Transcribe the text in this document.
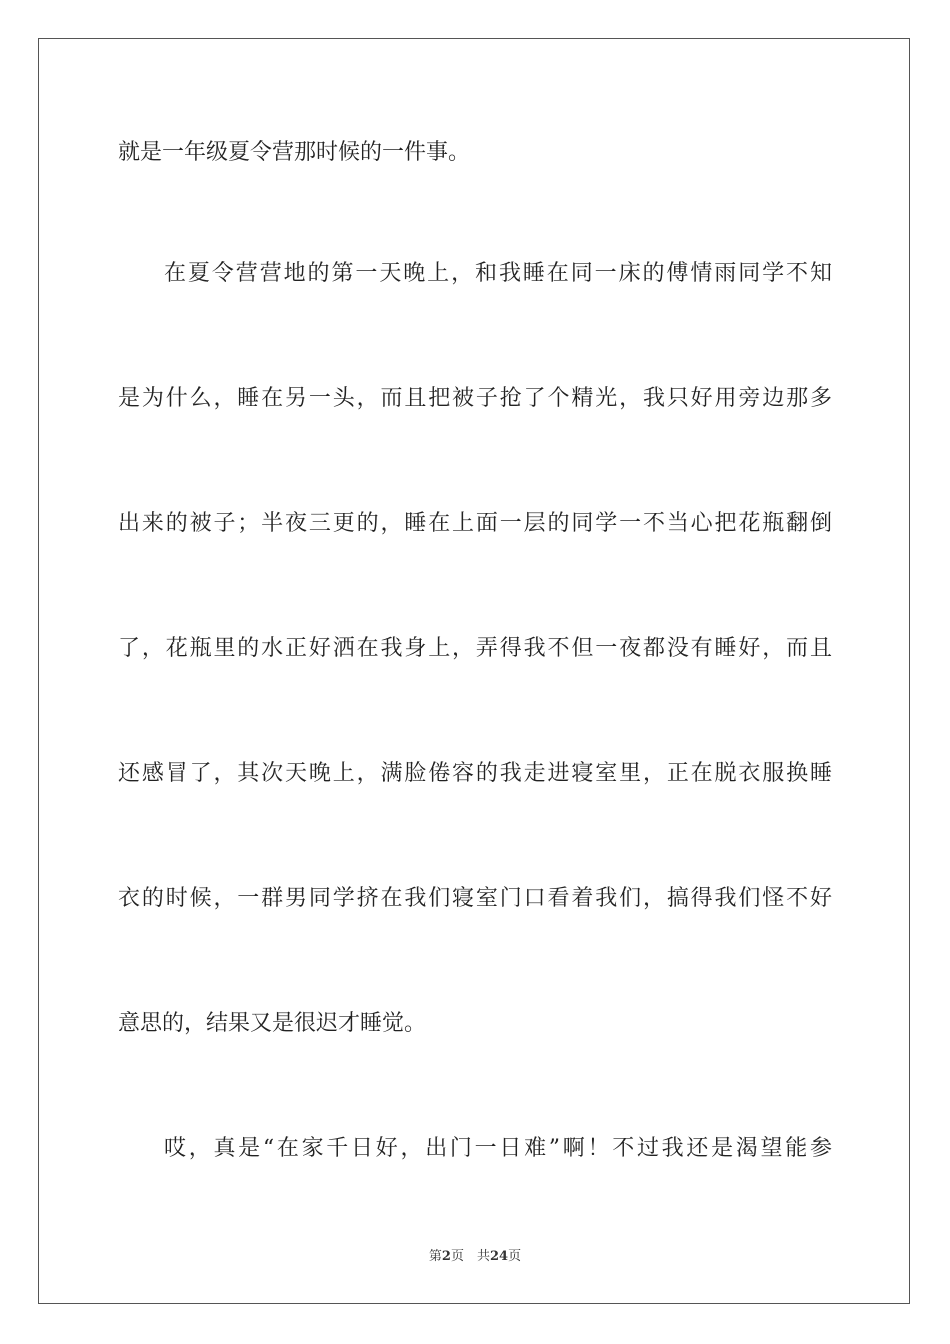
就是一年级夏令营那时候的一件事。
在夏令营营地的第一天晚上，和我睡在同一床的傅情雨同学不知
是为什么，睡在另一头，而且把被子抢了个精光，我只好用旁边那多
出来的被子；半夜三更的，睡在上面一层的同学一不当心把花瓶翻倒
了，花瓶里的水正好洒在我身上，弄得我不但一夜都没有睡好，而且
还感冒了，其次天晚上，满脸倦容的我走进寝室里，正在脱衣服换睡
衣的时候，一群男同学挤在我们寝室门口看着我们，搞得我们怪不好
意思的，结果又是很迟才睡觉。
哎，真是“在家千日好，出门一日难”啊！不过我还是渴望能参
第2页　共24页
